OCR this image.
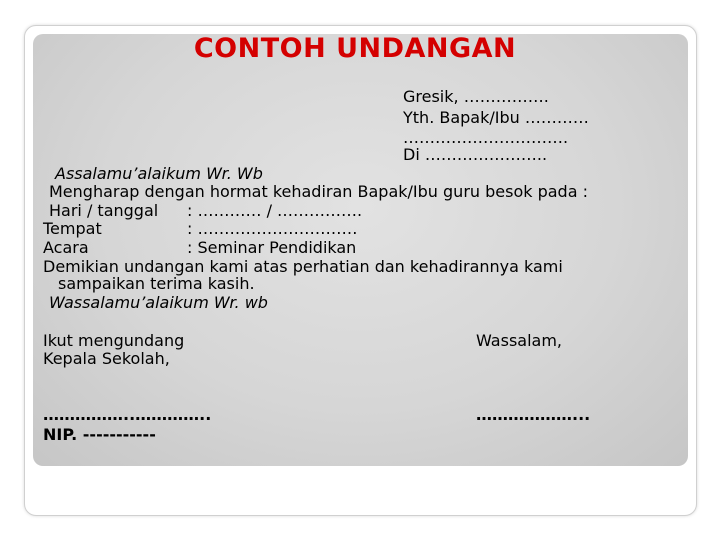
CONTOH UNDANGAN
Gresik, …………….
Yth. Bapak/Ibu …………
………………………….
Di …………………..
Assalamu’alaikum Wr. Wb
Mengharap dengan hormat kehadiran Bapak/Ibu guru besok pada :
Hari / tanggal : ………… / …………….
Tempat	: …………………………
Acara	: Seminar Pendidikan
Demikian undangan kami atas perhatian dan kehadirannya kami
sampaikan terima kasih.
Wassalamu’alaikum Wr. wb
Ikut mengundang
Kepala Sekolah,
Wassalam,
……………..…………..
NIP. -----------
………………...
